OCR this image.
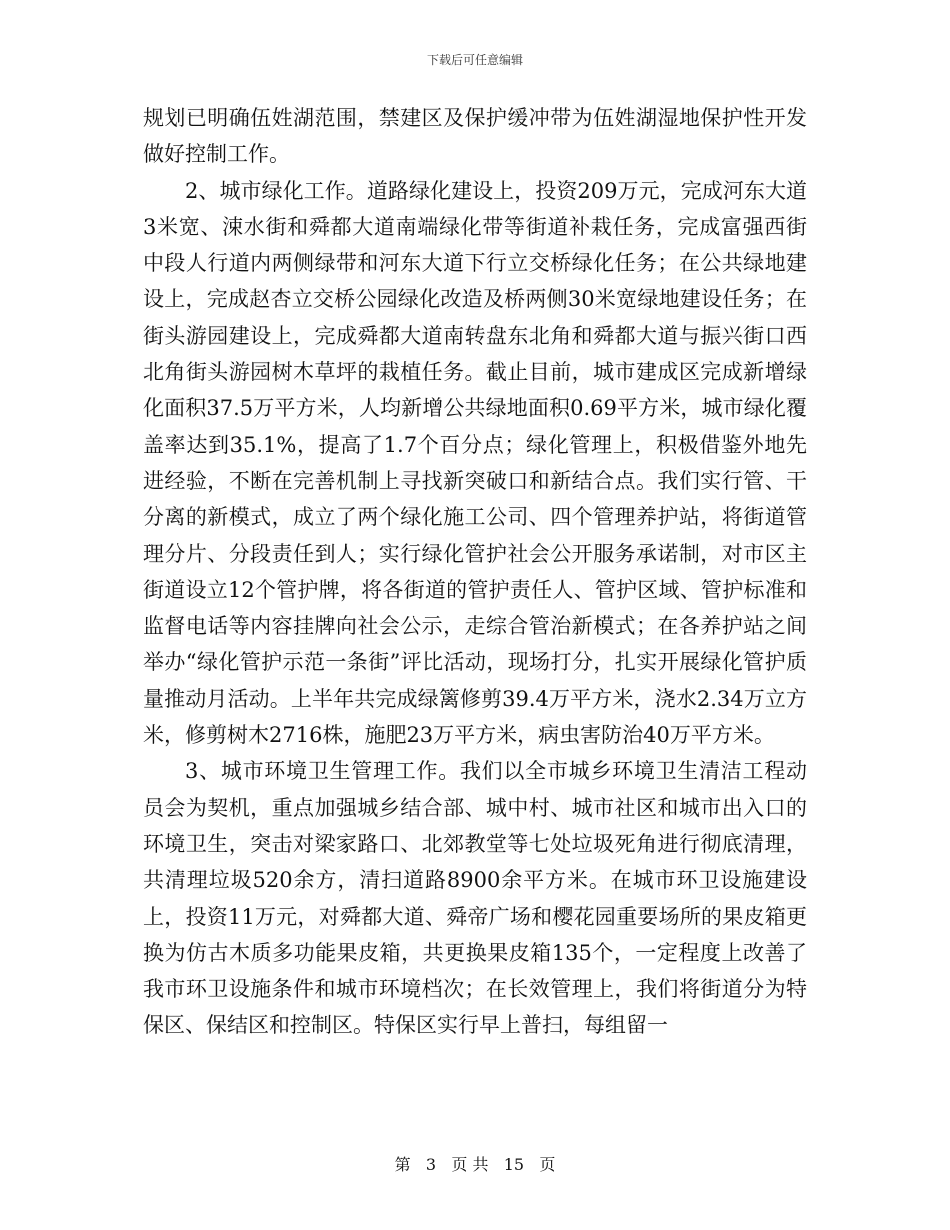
下载后可任意编辑

规划已明确伍姓湖范围，禁建区及保护缓冲带为伍姓湖湿地保护性开发做好控制工作。

2、城市绿化工作。道路绿化建设上，投资209万元，完成河东大道3米宽、涑水街和舜都大道南端绿化带等街道补栽任务，完成富强西街中段人行道内两侧绿带和河东大道下行立交桥绿化任务；在公共绿地建设上，完成赵杏立交桥公园绿化改造及桥两侧30米宽绿地建设任务；在街头游园建设上，完成舜都大道南转盘东北角和舜都大道与振兴街口西北角街头游园树木草坪的栽植任务。截止目前，城市建成区完成新增绿化面积37.5万平方米，人均新增公共绿地面积0.69平方米，城市绿化覆盖率达到35.1%，提高了1.7个百分点；绿化管理上，积极借鉴外地先进经验，不断在完善机制上寻找新突破口和新结合点。我们实行管、干分离的新模式，成立了两个绿化施工公司、四个管理养护站，将街道管理分片、分段责任到人；实行绿化管护社会公开服务承诺制，对市区主街道设立12个管护牌，将各街道的管护责任人、管护区域、管护标准和监督电话等内容挂牌向社会公示，走综合管治新模式；在各养护站之间举办“绿化管护示范一条街”评比活动，现场打分，扎实开展绿化管护质量推动月活动。上半年共完成绿篱修剪39.4万平方米，浇水2.34万立方米，修剪树木2716株，施肥23万平方米，病虫害防治40万平方米。

3、城市环境卫生管理工作。我们以全市城乡环境卫生清洁工程动员会为契机，重点加强城乡结合部、城中村、城市社区和城市出入口的环境卫生，突击对梁家路口、北郊教堂等七处垃圾死角进行彻底清理，共清理垃圾520余方，清扫道路8900余平方米。在城市环卫设施建设上，投资11万元，对舜都大道、舜帝广场和樱花园重要场所的果皮箱更换为仿古木质多功能果皮箱，共更换果皮箱135个，一定程度上改善了我市环卫设施条件和城市环境档次；在长效管理上，我们将街道分为特保区、保结区和控制区。特保区实行早上普扫，每组留一

第 3 页 共 15 页
